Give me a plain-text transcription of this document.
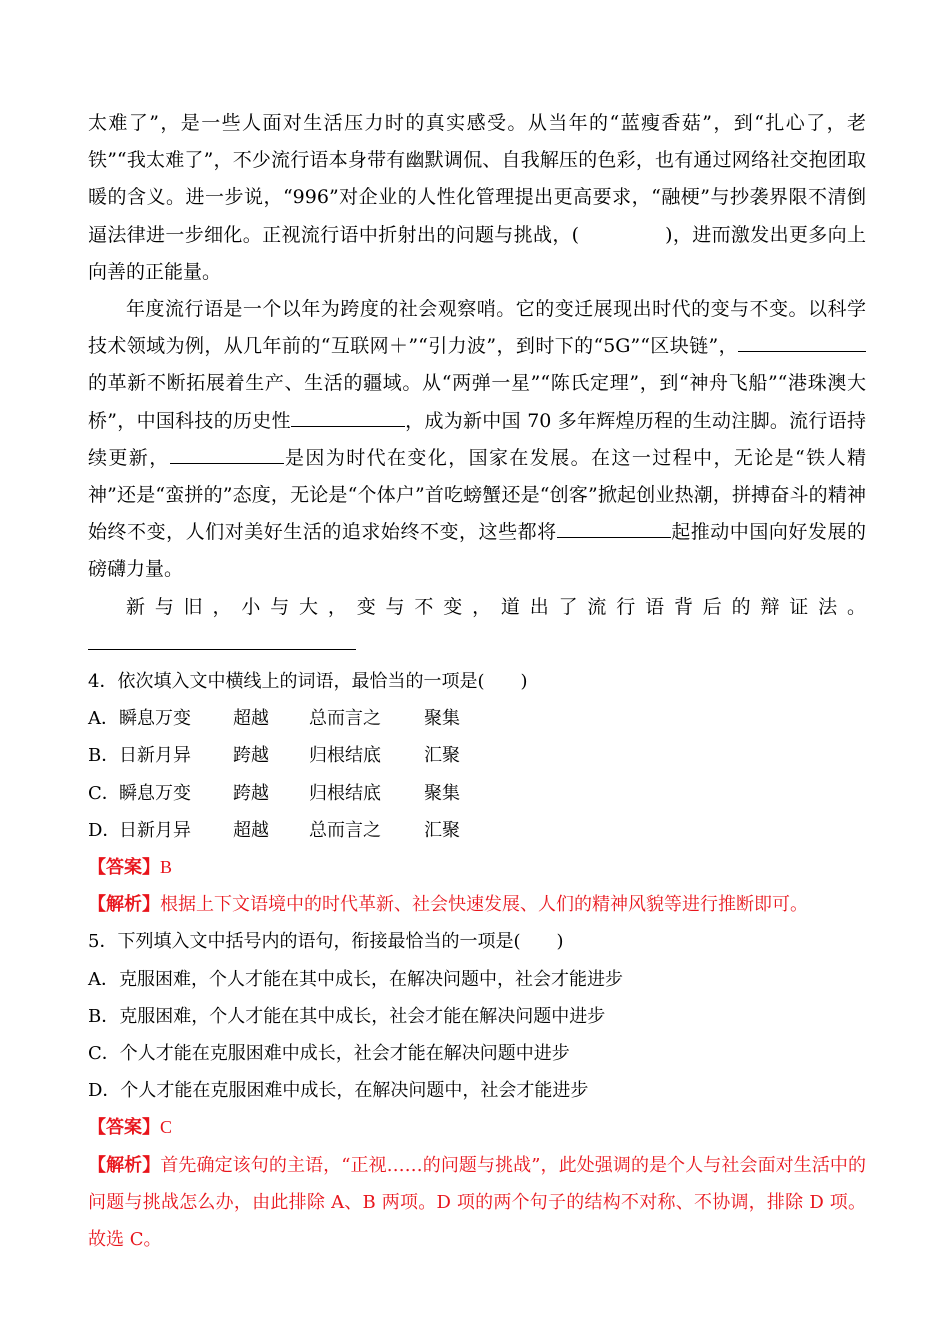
太难了”，是一些人面对生活压力时的真实感受。从当年的“蓝瘦香菇”，到“扎心了，老铁”“我太难了”，不少流行语本身带有幽默调侃、自我解压的色彩，也有通过网络社交抱团取暖的含义。进一步说，“996”对企业的人性化管理提出更高要求，“融梗”与抄袭界限不清倒逼法律进一步细化。正视流行语中折射出的问题与挑战，(	)，进而激发出更多向上向善的正能量。

年度流行语是一个以年为跨度的社会观察哨。它的变迁展现出时代的变与不变。以科学技术领域为例，从几年前的“互联网＋”“引力波”，到时下的“5G”“区块链”，的革新不断拓展着生产、生活的疆域。从“两弹一星”“陈氏定理”，到“神舟飞船”“港珠澳大桥”，中国科技的历史性	，成为新中国 70 多年辉煌历程的生动注脚。流行语持续更新，	是因为时代在变化，国家在发展。在这一过程中，无论是“铁人精神”还是“蛮拼的”态度，无论是“个体户”首吃螃蟹还是“创客”掀起创业热潮，拼搏奋斗的精神始终不变，人们对美好生活的追求始终不变，这些都将	起推动中国向好发展的磅礴力量。

新与旧，小与大，变与不变，道出了流行语背后的辩证法。

4．依次填入文中横线上的词语，最恰当的一项是(　　)

A．瞬息万变 超越 总而言之 聚集

B．日新月异 跨越 归根结底 汇聚

C．瞬息万变 跨越 归根结底 聚集

D．日新月异 超越 总而言之 汇聚

【答案】B

【解析】根据上下文语境中的时代革新、社会快速发展、人们的精神风貌等进行推断即可。

5．下列填入文中括号内的语句，衔接最恰当的一项是(　　)

A．克服困难，个人才能在其中成长，在解决问题中，社会才能进步

B．克服困难，个人才能在其中成长，社会才能在解决问题中进步

C．个人才能在克服困难中成长，社会才能在解决问题中进步

D．个人才能在克服困难中成长，在解决问题中，社会才能进步

【答案】C

【解析】首先确定该句的主语，“正视……的问题与挑战”，此处强调的是个人与社会面对生活中的问题与挑战怎么办，由此排除 A、B 两项。D 项的两个句子的结构不对称、不协调，排除 D 项。故选 C。
